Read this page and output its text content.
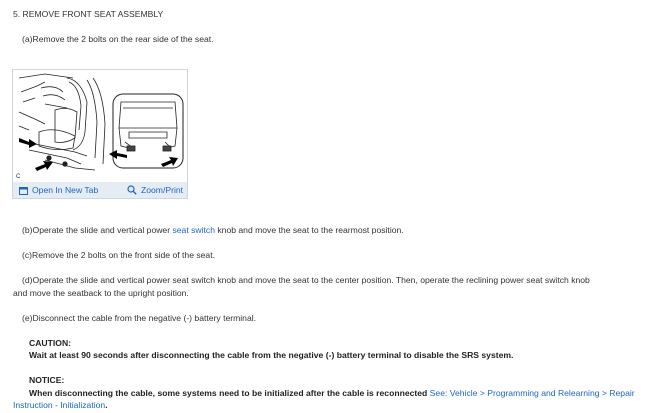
5. REMOVE FRONT SEAT ASSEMBLY
(a)Remove the 2 bolts on the rear side of the seat.
C
Open In New Tab	Zoom/Print
(b)Operate the slide and vertical power seat switch knob and move the seat to the rearmost position.
(c)Remove the 2 bolts on the front side of the seat.
(d)Operate the slide and vertical power seat switch knob and move the seat to the center position. Then, operate the reclining power seat switch knob
and move the seatback to the upright position.
(e)Disconnect the cable from the negative (-) battery terminal.
CAUTION:
Wait at least 90 seconds after disconnecting the cable from the negative (-) battery terminal to disable the SRS system.
NOTICE:
When disconnecting the cable, some systems need to be initialized after the cable is reconnected See: Vehicle > Programming and Relearning > Repair
Instruction - Initialization.
